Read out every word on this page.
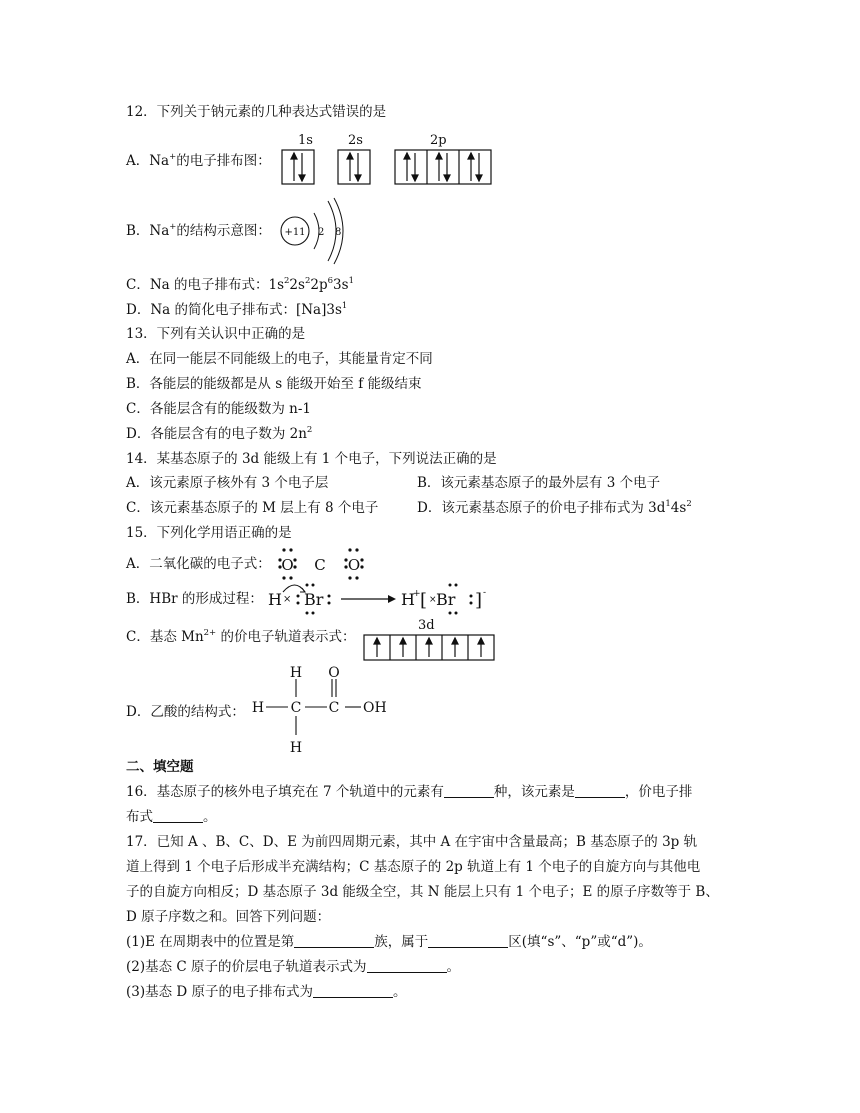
12．下列关于钠元素的几种表达式错误的是
A．Na+的电子排布图：
1s	2s	2p
B．Na+的结构示意图： +11 2 8
C．Na 的电子排布式：$1s^22s^22p^63s^1$
D．Na 的简化电子排布式：$[Na]3s^1$
13．下列有关认识中正确的是
A．在同一能层不同能级上的电子，其能量肯定不同
B．各能层的能级都是从 s 能级开始至 f 能级结束
C．各能层含有的能级数为 n-1
D．各能层含有的电子数为 $2n^2$
14．某基态原子的 3d 能级上有 1 个电子，下列说法正确的是
A．该元素原子核外有 3 个电子层	B．该元素基态原子的最外层有 3 个电子
C．该元素基态原子的 M 层上有 8 个电子	D．该元素基态原子的价电子排布式为 $3d^14s^2$
15．下列化学用语正确的是
A．二氧化碳的电子式： O C O
B．HBr 的形成过程： H × Br	H
+ [ × Br ] -
C．基态 $Mn^{2+}$ 的价电子轨道表示式：
3d
D．乙酸的结构式：
H
H C C
O
OH
H
二、填空题
16．基态原子的核外电子填充在 7 个轨道中的元素有	种，该元素是	，价电子排
布式	。
17．已知 A 、B、C、D、E 为前四周期元素，其中 A 在宇宙中含量最高；B 基态原子的 3p 轨
道上得到 1 个电子后形成半充满结构；C 基态原子的 2p 轨道上有 1 个电子的自旋方向与其他电
子的自旋方向相反；D 基态原子 3d 能级全空，其 N 能层上只有 1 个电子；E 的原子序数等于 B、
D 原子序数之和。回答下列问题：
(1)E 在周期表中的位置是第	族，属于	区(填“s”、“p”或“d”)。
(2)基态 C 原子的价层电子轨道表示式为	。
(3)基态 D 原子的电子排布式为	。
